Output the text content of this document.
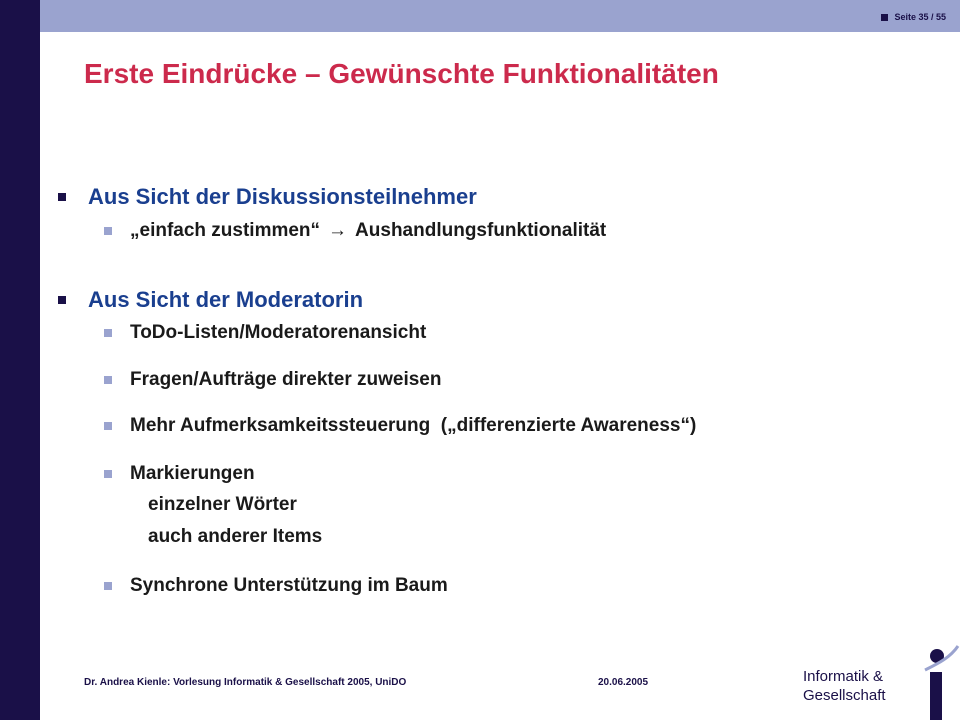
Seite 35 / 55
Erste Eindrücke – Gewünschte Funktionalitäten
Aus Sicht der Diskussionsteilnehmer
„einfach zustimmen“ → Aushandlungsfunktionalität
Aus Sicht der Moderatorin
ToDo-Listen/Moderatorenansicht
Fragen/Aufträge direkter zuweisen
Mehr Aufmerksamkeitssteuerung  („differenzierte Awareness“)
Markierungen
einzelner Wörter
auch anderer Items
Synchrone Unterstützung im Baum
Dr. Andrea Kienle: Vorlesung Informatik & Gesellschaft 2005, UniDO	20.06.2005	Informatik &
Gesellschaft
